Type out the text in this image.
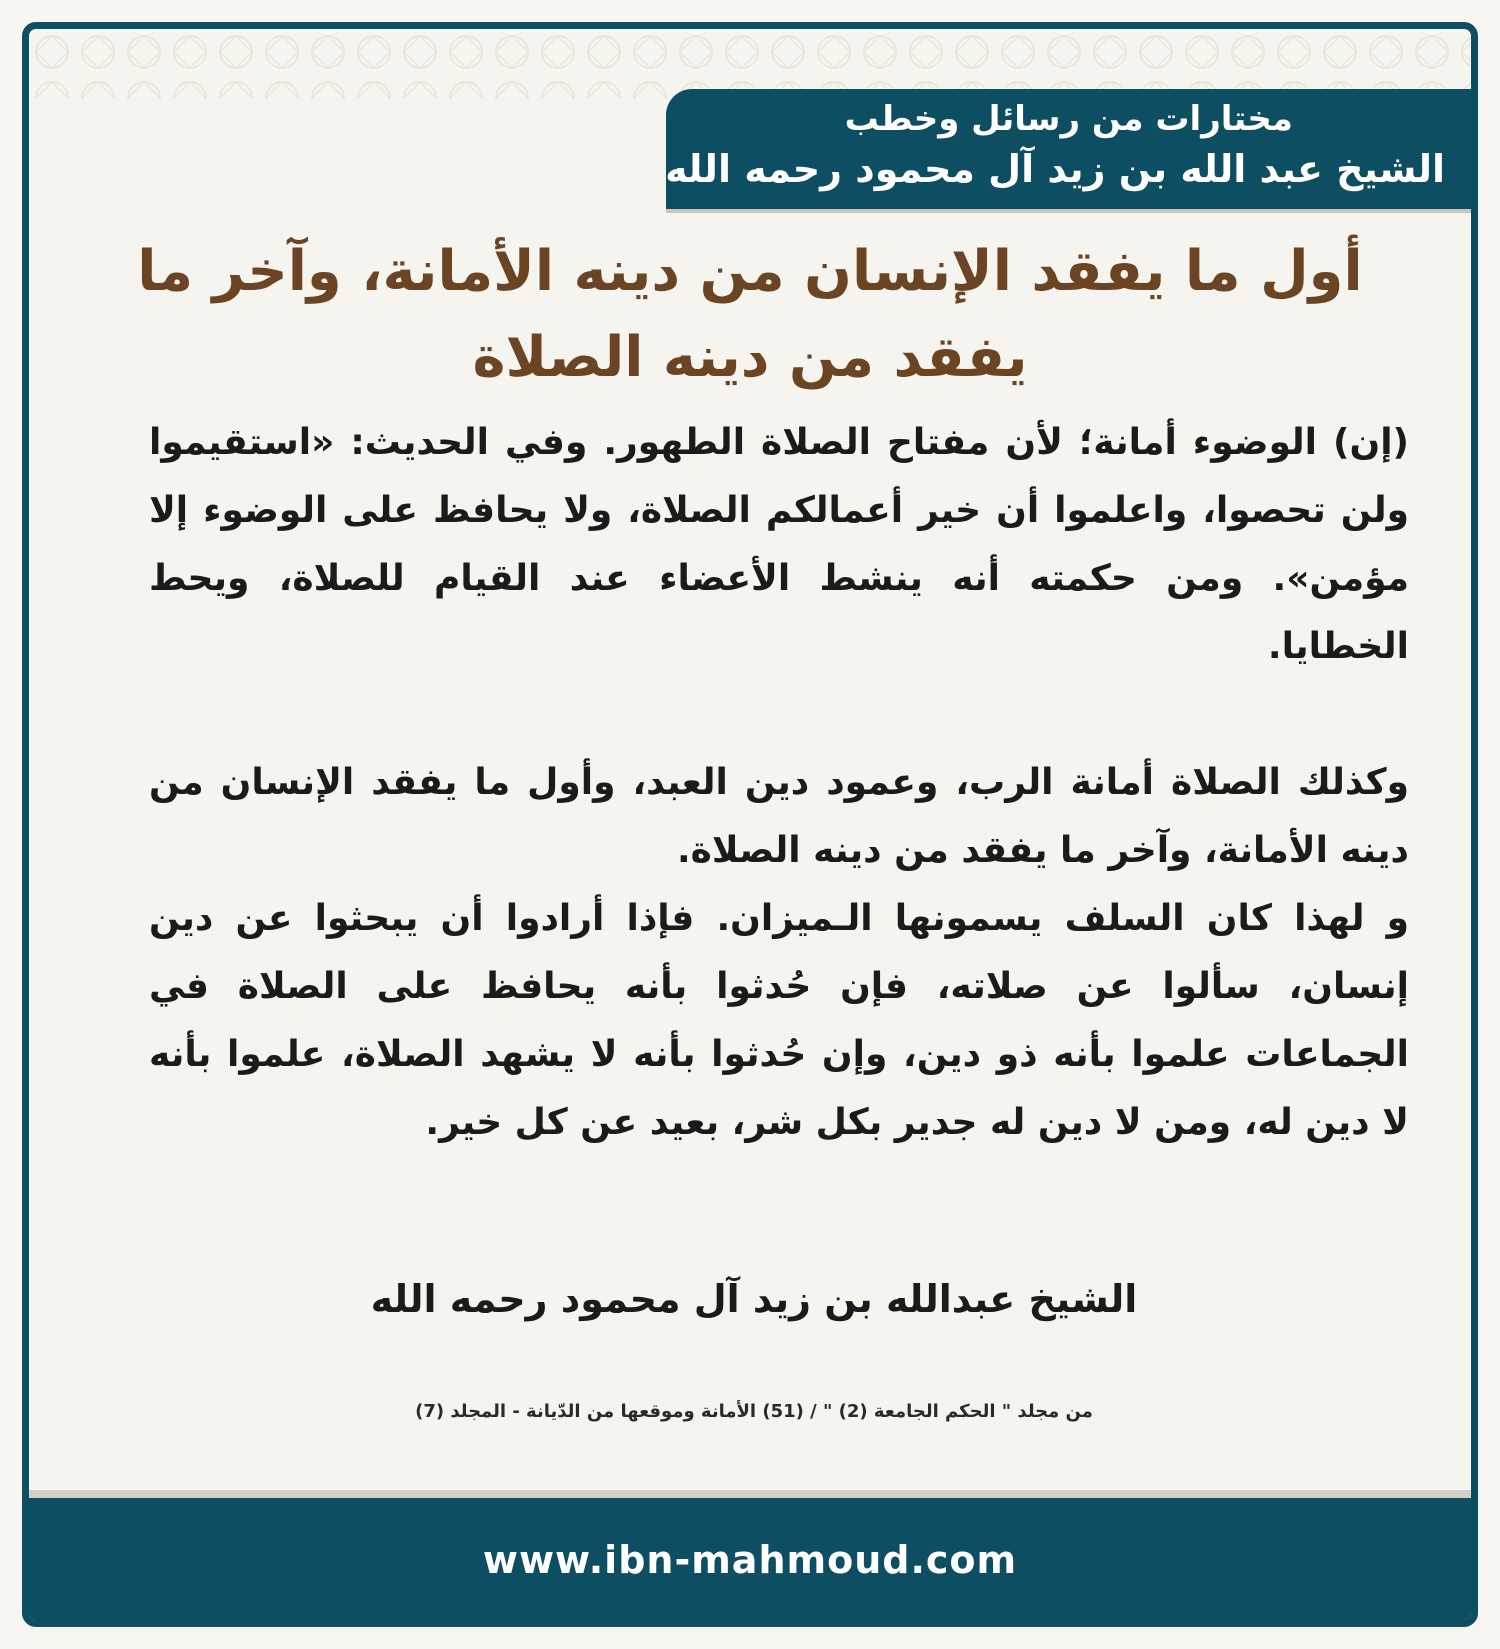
مختارات من رسائل وخطب
الشيخ عبد الله بن زيد آل محمود رحمه الله
أول ما يفقد الإنسان من دينه الأمانة، وآخر ما يفقد من دينه الصلاة

(إن) الوضوء أمانة؛ لأن مفتاح الصلاة الطهور. وفي الحديث: «استقيموا ولن تحصوا، واعلموا أن خير أعمالكم الصلاة، ولا يحافظ على الوضوء إلا مؤمن». ومن حكمته أنه ينشط الأعضاء عند القيام للصلاة، ويحط الخطايا.

وكذلك الصلاة أمانة الرب، وعمود دين العبد، وأول ما يفقد الإنسان من دينه الأمانة، وآخر ما يفقد من دينه الصلاة.

و لهذا كان السلف يسمونها الـميزان. فإذا أرادوا أن يبحثوا عن دين إنسان، سألوا عن صلاته، فإن حُدثوا بأنه يحافظ على الصلاة في الجماعات علموا بأنه ذو دين، وإن حُدثوا بأنه لا يشهد الصلاة، علموا بأنه لا دين له، ومن لا دين له جدير بكل شر، بعيد عن كل خير.

الشيخ عبدالله بن زيد آل محمود رحمه الله
من مجلد " الحكم الجامعة (2) " / (51) الأمانة وموقعها من الدّيانة - المجلد (7)
www.ibn-mahmoud.com
